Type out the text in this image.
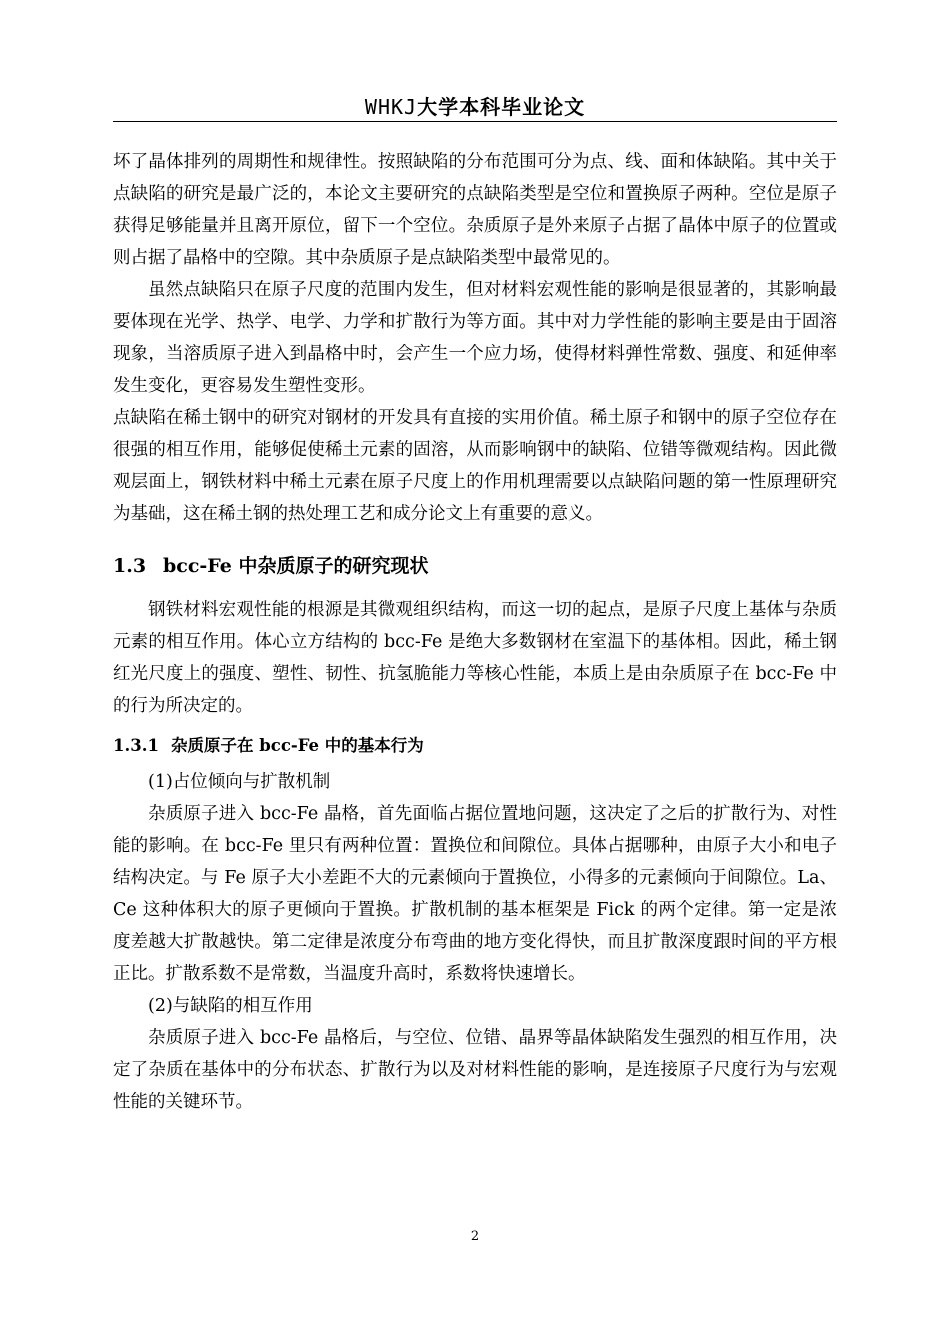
WHKJ大学本科毕业论文

坏了晶体排列的周期性和规律性。按照缺陷的分布范围可分为点、线、面和体缺陷。其中关于点缺陷的研究是最广泛的，本论文主要研究的点缺陷类型是空位和置换原子两种。空位是原子获得足够能量并且离开原位，留下一个空位。杂质原子是外来原子占据了晶体中原子的位置或则占据了晶格中的空隙。其中杂质原子是点缺陷类型中最常见的。

虽然点缺陷只在原子尺度的范围内发生，但对材料宏观性能的影响是很显著的，其影响最要体现在光学、热学、电学、力学和扩散行为等方面。其中对力学性能的影响主要是由于固溶现象，当溶质原子进入到晶格中时，会产生一个应力场，使得材料弹性常数、强度、和延伸率发生变化，更容易发生塑性变形。

点缺陷在稀土钢中的研究对钢材的开发具有直接的实用价值。稀土原子和钢中的原子空位存在很强的相互作用，能够促使稀土元素的固溶，从而影响钢中的缺陷、位错等微观结构。因此微观层面上，钢铁材料中稀土元素在原子尺度上的作用机理需要以点缺陷问题的第一性原理研究为基础，这在稀土钢的热处理工艺和成分论文上有重要的意义。

1.3 bcc-Fe 中杂质原子的研究现状

钢铁材料宏观性能的根源是其微观组织结构，而这一切的起点，是原子尺度上基体与杂质元素的相互作用。体心立方结构的 bcc-Fe 是绝大多数钢材在室温下的基体相。因此，稀土钢红光尺度上的强度、塑性、韧性、抗氢脆能力等核心性能，本质上是由杂质原子在 bcc-Fe 中的行为所决定的。

1.3.1 杂质原子在 bcc-Fe 中的基本行为

(1)占位倾向与扩散机制

杂质原子进入 bcc-Fe 晶格，首先面临占据位置地问题，这决定了之后的扩散行为、对性能的影响。在 bcc-Fe 里只有两种位置：置换位和间隙位。具体占据哪种，由原子大小和电子结构决定。与 Fe 原子大小差距不大的元素倾向于置换位，小得多的元素倾向于间隙位。La、Ce 这种体积大的原子更倾向于置换。扩散机制的基本框架是 Fick 的两个定律。第一定是浓度差越大扩散越快。第二定律是浓度分布弯曲的地方变化得快，而且扩散深度跟时间的平方根正比。扩散系数不是常数，当温度升高时，系数将快速增长。

(2)与缺陷的相互作用

杂质原子进入 bcc-Fe 晶格后，与空位、位错、晶界等晶体缺陷发生强烈的相互作用，决定了杂质在基体中的分布状态、扩散行为以及对材料性能的影响，是连接原子尺度行为与宏观性能的关键环节。

2
